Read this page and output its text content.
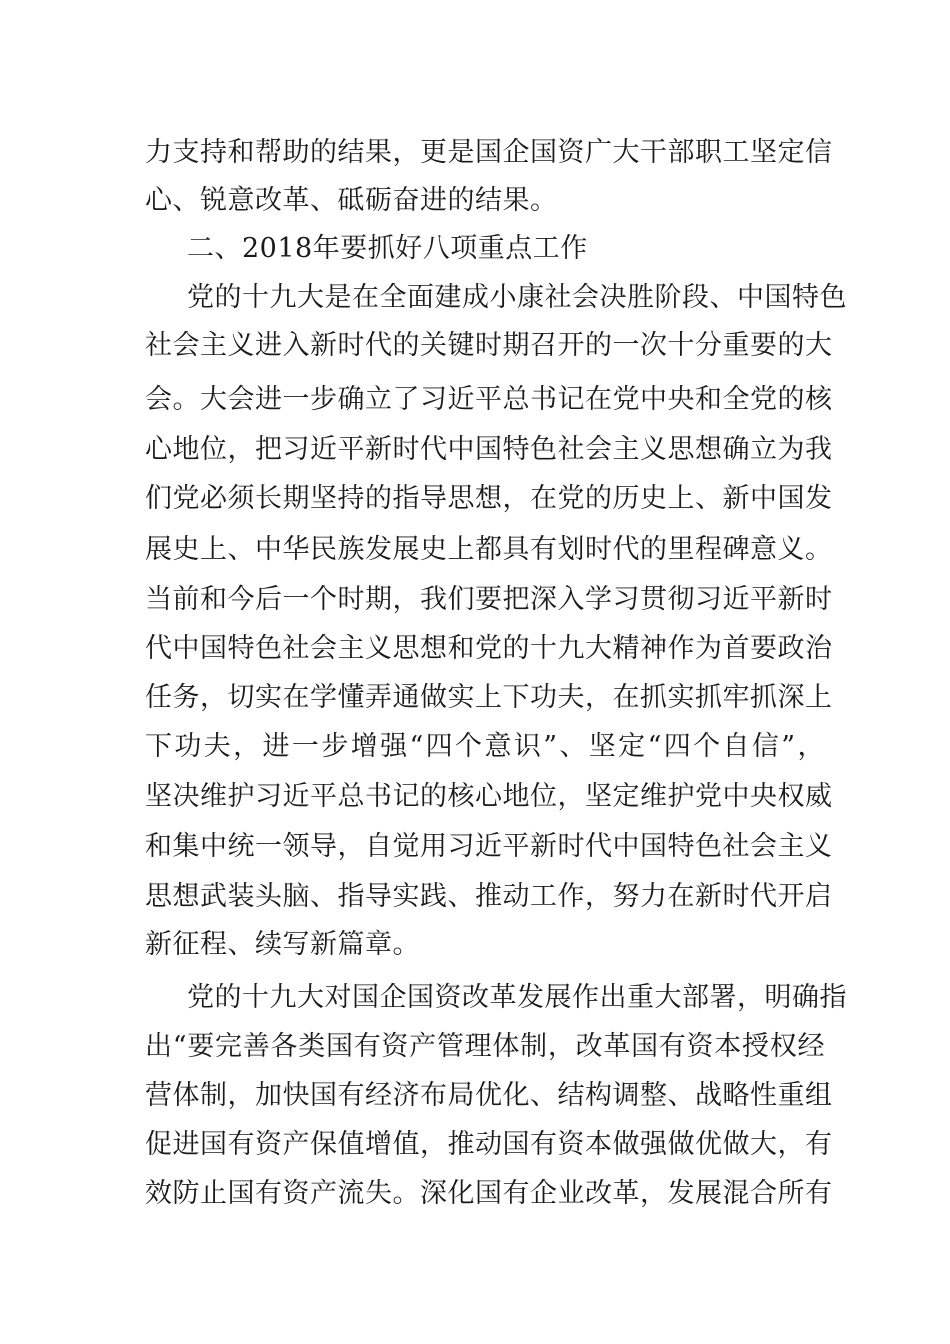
力支持和帮助的结果，更是国企国资广大干部职工坚定信
心、锐意改革、砥砺奋进的结果。
二、2018年要抓好八项重点工作
党的十九大是在全面建成小康社会决胜阶段、中国特色
社会主义进入新时代的关键时期召开的一次十分重要的大
会。大会进一步确立了习近平总书记在党中央和全党的核
心地位，把习近平新时代中国特色社会主义思想确立为我
们党必须长期坚持的指导思想，在党的历史上、新中国发
展史上、中华民族发展史上都具有划时代的里程碑意义。
当前和今后一个时期，我们要把深入学习贯彻习近平新时
代中国特色社会主义思想和党的十九大精神作为首要政治
任务，切实在学懂弄通做实上下功夫，在抓实抓牢抓深上
下功夫，进一步增强“四个意识”、坚定“四个自信”，
坚决维护习近平总书记的核心地位，坚定维护党中央权威
和集中统一领导，自觉用习近平新时代中国特色社会主义
思想武装头脑、指导实践、推动工作，努力在新时代开启
新征程、续写新篇章。
党的十九大对国企国资改革发展作出重大部署，明确指
出“要完善各类国有资产管理体制，改革国有资本授权经
营体制，加快国有经济布局优化、结构调整、战略性重组
促进国有资产保值增值，推动国有资本做强做优做大，有
效防止国有资产流失。深化国有企业改革，发展混合所有
